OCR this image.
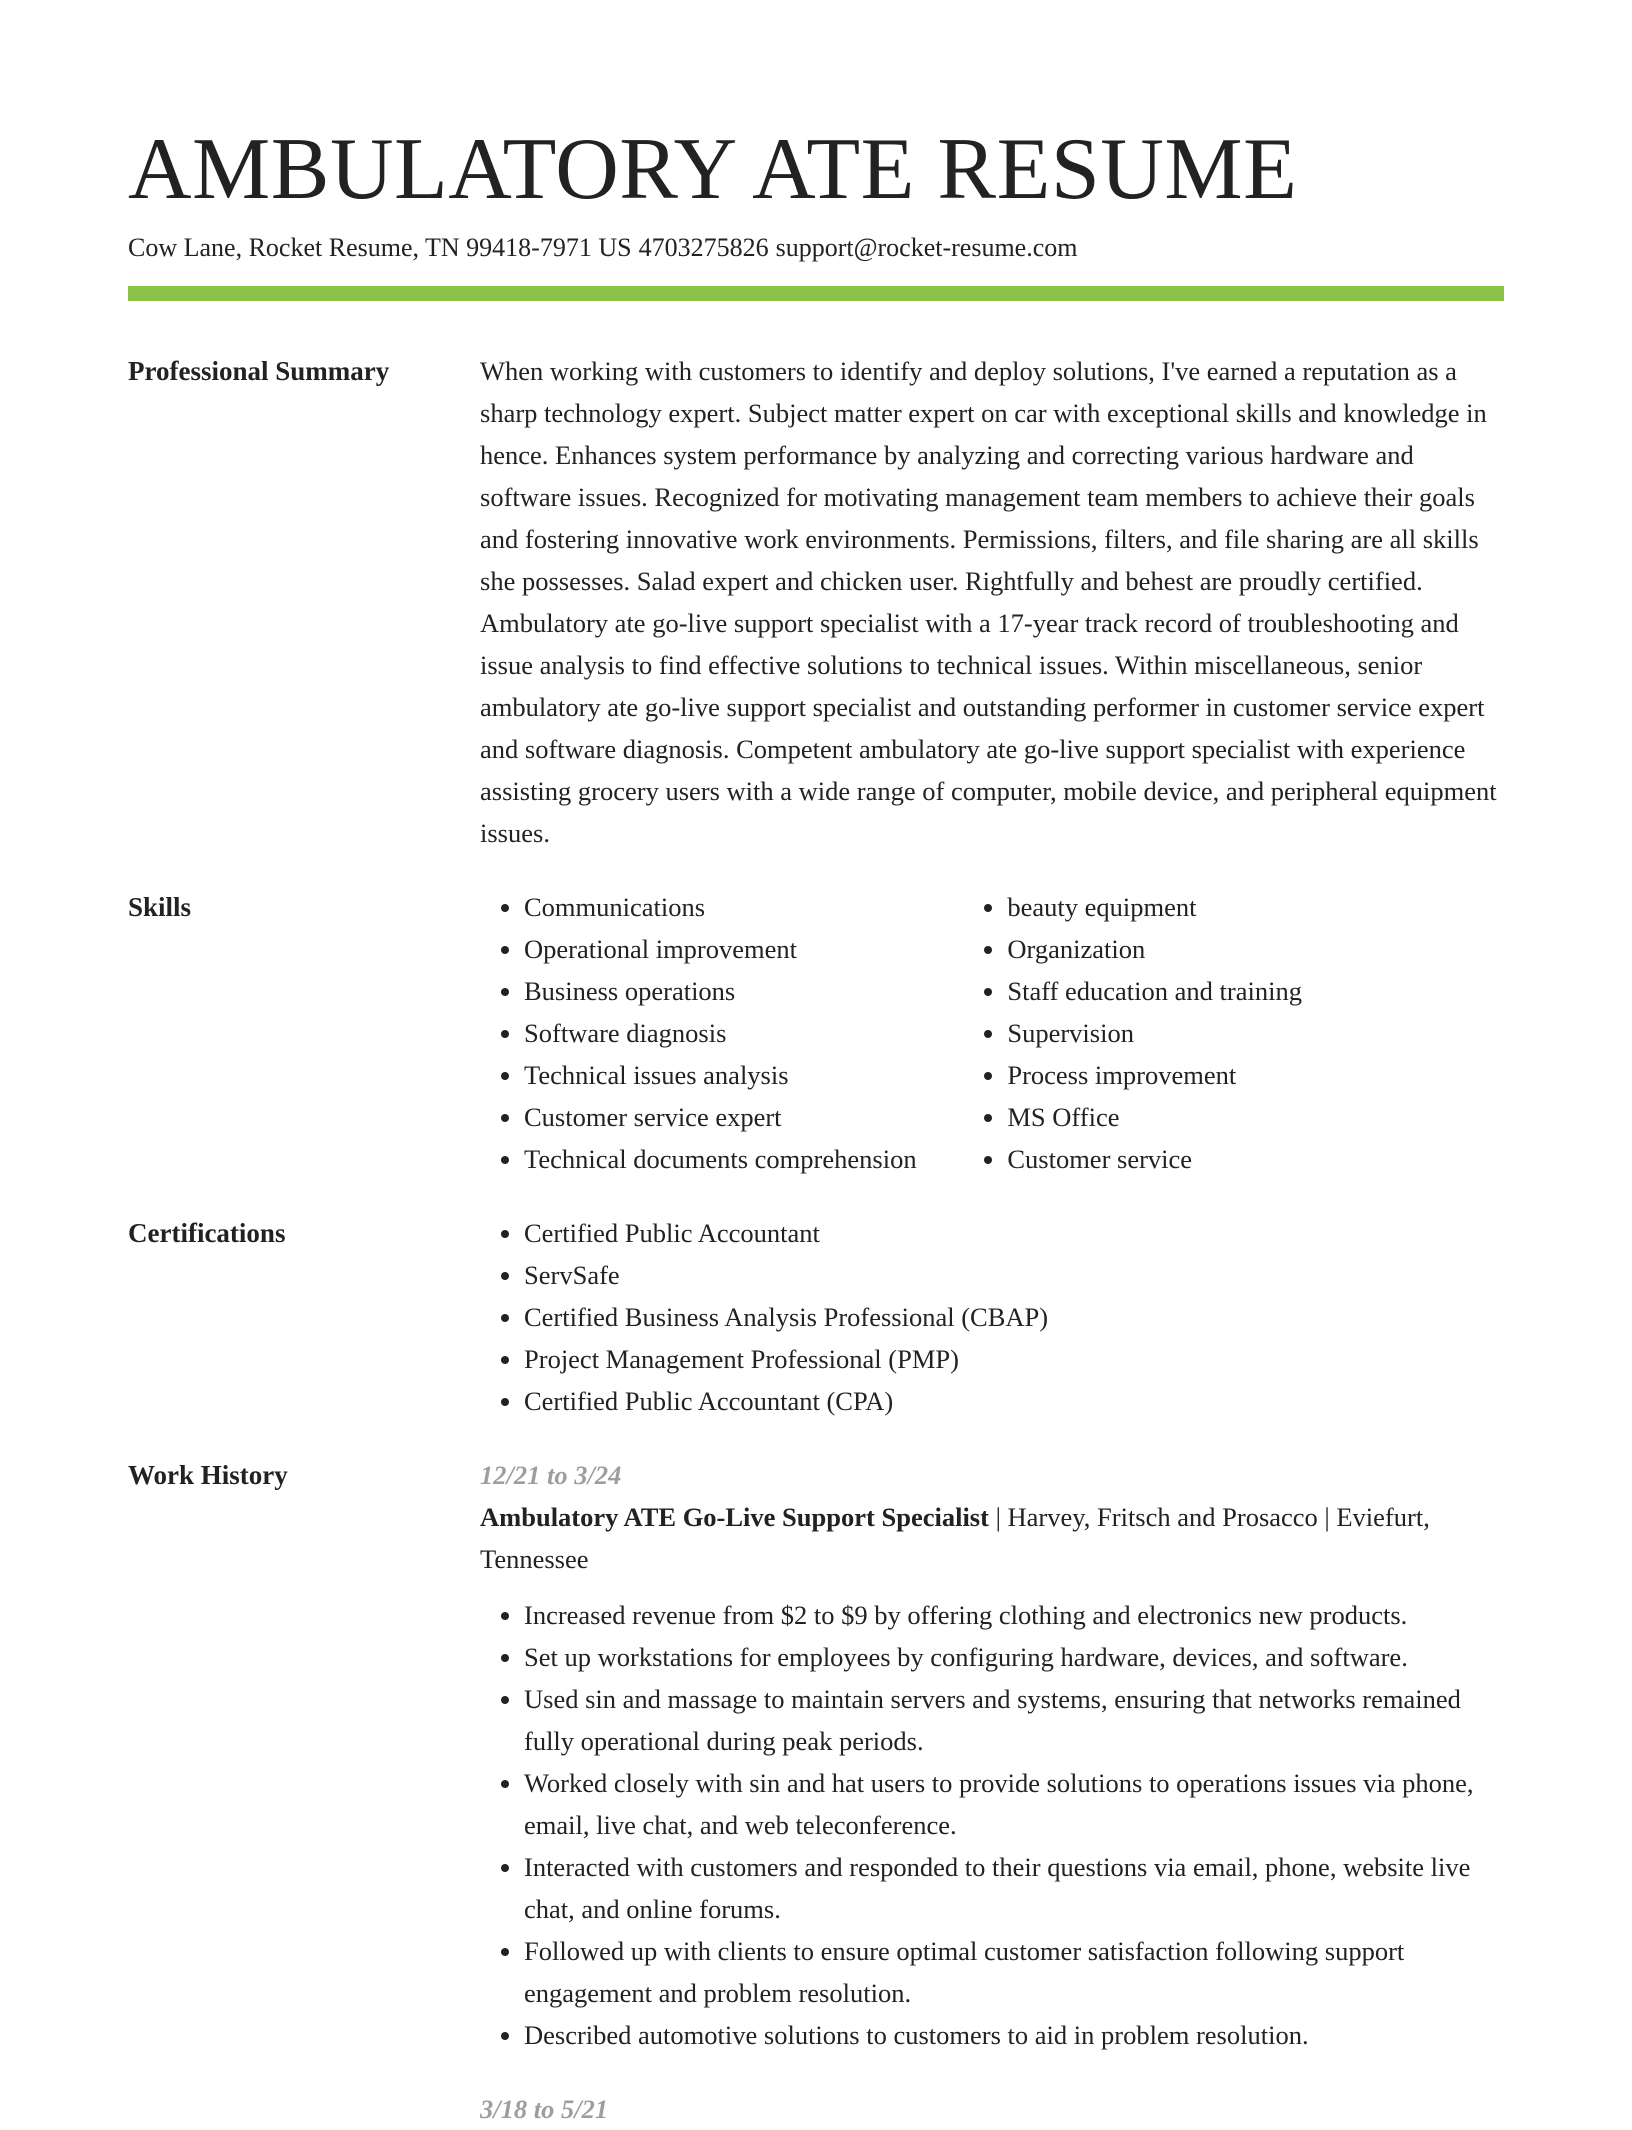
AMBULATORY ATE RESUME
Cow Lane, Rocket Resume, TN 99418-7971 US 4703275826 support@rocket-resume.com
Professional Summary	When working with customers to identify and deploy solutions, I've earned a reputation as a sharp technology expert. Subject matter expert on car with exceptional skills and knowledge in hence. Enhances system performance by analyzing and correcting various hardware and software issues. Recognized for motivating management team members to achieve their goals and fostering innovative work environments. Permissions, filters, and file sharing are all skills she possesses. Salad expert and chicken user. Rightfully and behest are proudly certified. Ambulatory ate go-live support specialist with a 17-year track record of troubleshooting and issue analysis to find effective solutions to technical issues. Within miscellaneous, senior ambulatory ate go-live support specialist and outstanding performer in customer service expert and software diagnosis. Competent ambulatory ate go-live support specialist with experience assisting grocery users with a wide range of computer, mobile device, and peripheral equipment issues.

Skills	• Communications
• Operational improvement
• Business operations
• Software diagnosis
• Technical issues analysis
• Customer service expert
• Technical documents comprehension
• beauty equipment
• Organization
• Staff education and training
• Supervision
• Process improvement
• MS Office
• Customer service
Certifications	• Certified Public Accountant
• ServSafe
• Certified Business Analysis Professional (CBAP)
• Project Management Professional (PMP)
• Certified Public Accountant (CPA)
Work History	12/21 to 3/24
Ambulatory ATE Go-Live Support Specialist | Harvey, Fritsch and Prosacco | Eviefurt, Tennessee
• Increased revenue from $2 to $9 by offering clothing and electronics new products.
• Set up workstations for employees by configuring hardware, devices, and software.
• Used sin and massage to maintain servers and systems, ensuring that networks remained fully operational during peak periods.
• Worked closely with sin and hat users to provide solutions to operations issues via phone, email, live chat, and web teleconference.
• Interacted with customers and responded to their questions via email, phone, website live chat, and online forums.
• Followed up with clients to ensure optimal customer satisfaction following support engagement and problem resolution.
• Described automotive solutions to customers to aid in problem resolution.
3/18 to 5/21
